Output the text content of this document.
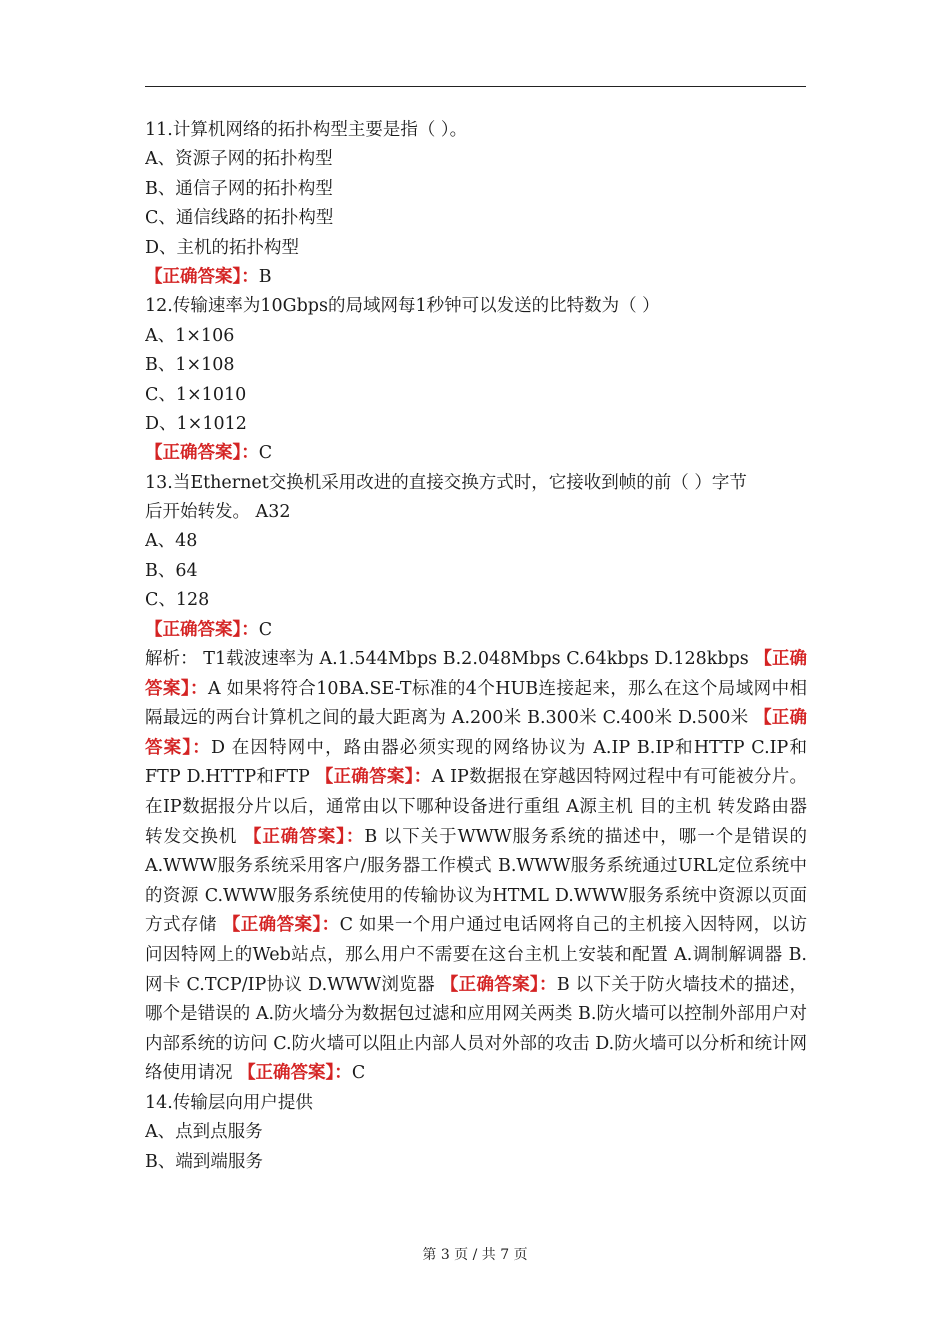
11.计算机网络的拓扑构型主要是指（ ）。
A、资源子网的拓扑构型
B、通信子网的拓扑构型
C、通信线路的拓扑构型
D、主机的拓扑构型
【正确答案】：B
12.传输速率为10Gbps的局域网每1秒钟可以发送的比特数为（ ）
A、1×106
B、1×108
C、1×1010
D、1×1012
【正确答案】：C
13.当Ethernet交换机采用改进的直接交换方式时，它接收到帧的前（ ）字节
后开始转发。 A32
A、48
B、64
C、128
【正确答案】：C
解析： T1载波速率为 A.1.544Mbps B.2.048Mbps C.64kbps D.128kbps 【正确答案】：A 如果将符合10BA.SE-T标准的4个HUB连接起来，那么在这个局域网中相隔最远的两台计算机之间的最大距离为 A.200米 B.300米 C.400米 D.500米 【正确答案】：D 在因特网中，路由器必须实现的网络协议为 A.IP B.IP和HTTP C.IP和FTP D.HTTP和FTP 【正确答案】：A IP数据报在穿越因特网过程中有可能被分片。在IP数据报分片以后，通常由以下哪种设备进行重组 A源主机 目的主机 转发路由器 转发交换机 【正确答案】：B 以下关于WWW服务系统的描述中，哪一个是错误的 A.WWW服务系统采用客户/服务器工作模式 B.WWW服务系统通过URL定位系统中的资源 C.WWW服务系统使用的传输协议为HTML D.WWW服务系统中资源以页面方式存储 【正确答案】：C 如果一个用户通过电话网将自己的主机接入因特网，以访问因特网上的Web站点，那么用户不需要在这台主机上安装和配置 A.调制解调器 B.网卡 C.TCP/IP协议 D.WWW浏览器 【正确答案】：B 以下关于防火墙技术的描述，哪个是错误的 A.防火墙分为数据包过滤和应用网关两类 B.防火墙可以控制外部用户对内部系统的访问 C.防火墙可以阻止内部人员对外部的攻击 D.防火墙可以分析和统计网络使用请况 【正确答案】：C
14.传输层向用户提供
A、点到点服务
B、端到端服务
第 3 页 / 共 7 页
